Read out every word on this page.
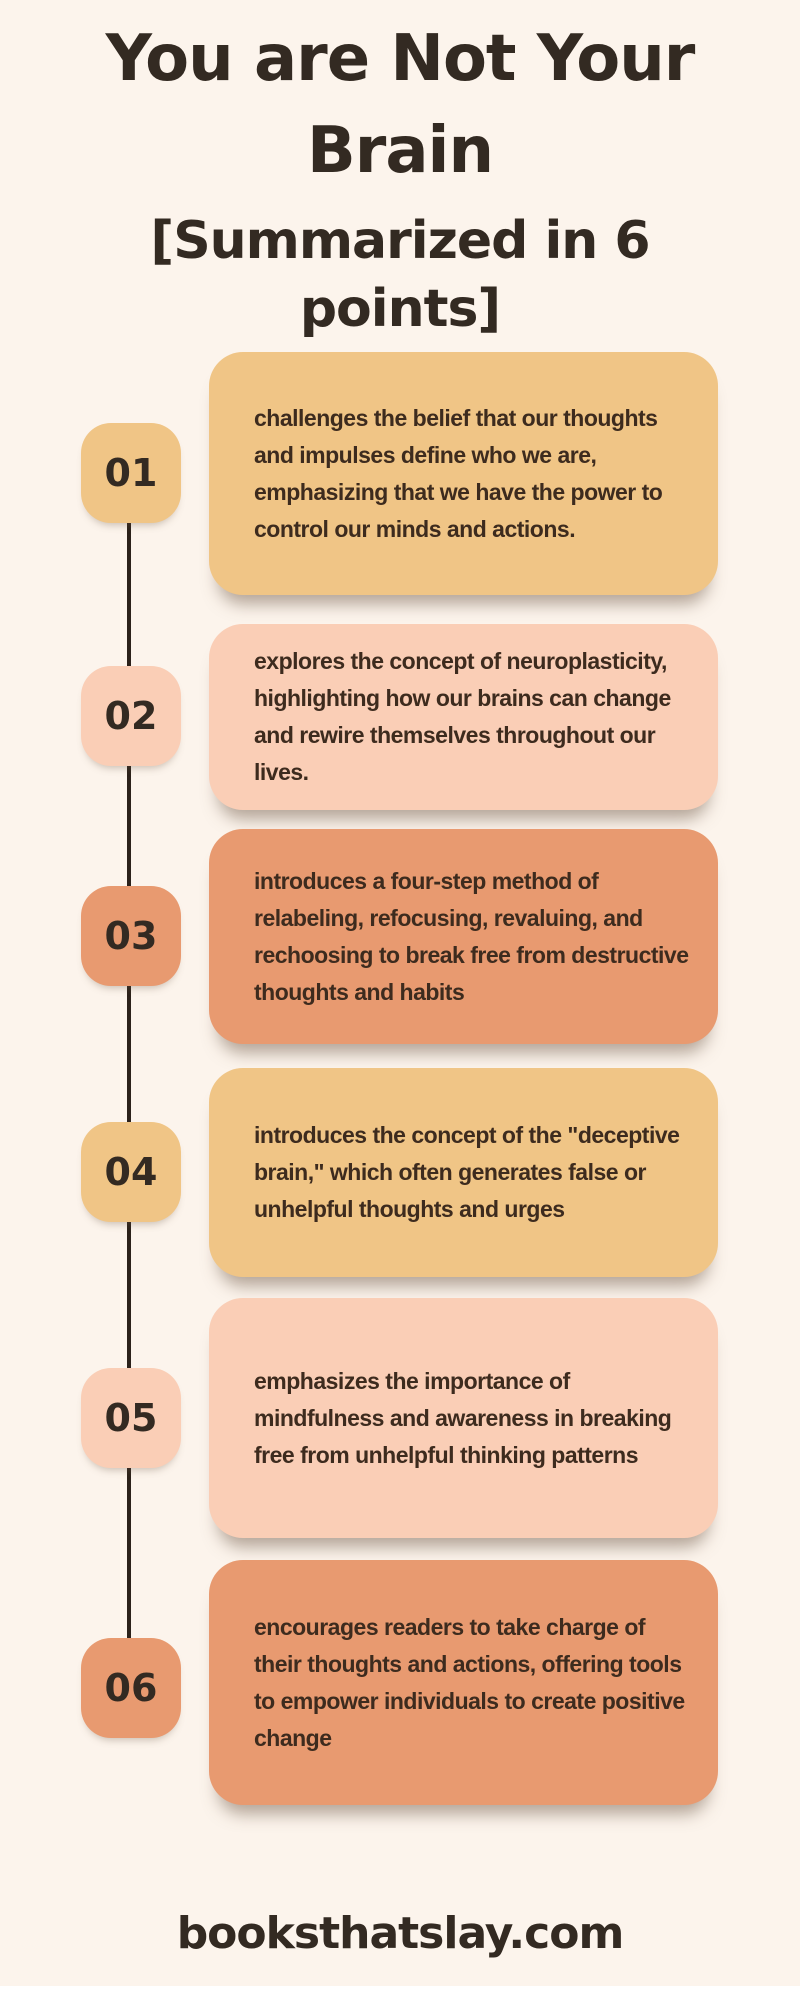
You are Not Your Brain
[Summarized in 6 points]
01

challenges the belief that our thoughts and impulses define who we are, emphasizing that we have the power to control our minds and actions.

02

explores the concept of neuroplasticity, highlighting how our brains can change and rewire themselves throughout our lives.

03

introduces a four-step method of relabeling, refocusing, revaluing, and rechoosing to break free from destructive thoughts and habits

04

introduces the concept of the "deceptive brain," which often generates false or unhelpful thoughts and urges

05

emphasizes the importance of mindfulness and awareness in breaking free from unhelpful thinking patterns

06

encourages readers to take charge of their thoughts and actions, offering tools to empower individuals to create positive change

booksthatslay.com
